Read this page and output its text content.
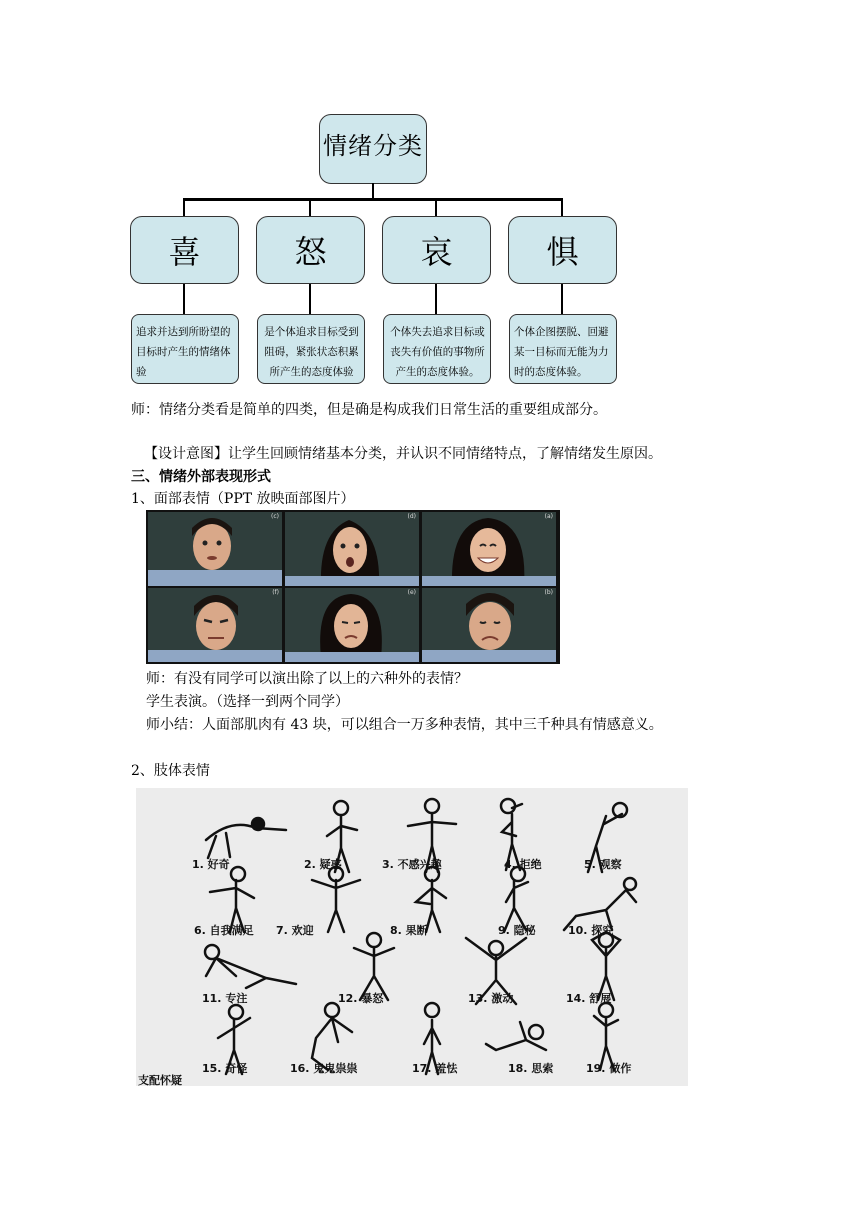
情绪分类
喜	怒	哀	惧
追求并达到所盼望的目标时产生的情绪体验
是个体追求目标受到阻碍，紧张状态积累所产生的态度体验
个体失去追求目标或丧失有价值的事物所产生的态度体验。
个体企图摆脱、回避某一目标而无能为力时的态度体验。
师：情绪分类看是简单的四类，但是确是构成我们日常生活的重要组成部分。
【设计意图】让学生回顾情绪基本分类，并认识不同情绪特点，了解情绪发生原因。
三、情绪外部表现形式
1、面部表情（PPT 放映面部图片）
(c)	(d)	(a)
(f)	(e)	(b)
师：有没有同学可以演出除了以上的六种外的表情？
学生表演。（选择一到两个同学）
师小结：人面部肌肉有 43 块，可以组合一万多种表情，其中三千种具有情感意义。
2、肢体表情
1. 好奇	2. 疑惑	3. 不感兴趣	4. 拒绝	5. 观察
6. 自我满足 7. 欢迎	8. 果断	9. 隐秘	10. 探究
11. 专注	12. 暴怒	13. 激动	14. 舒展
15. 奇怪	16. 鬼鬼祟祟	17. 羞怯	18. 思索	19. 做作
支配怀疑
